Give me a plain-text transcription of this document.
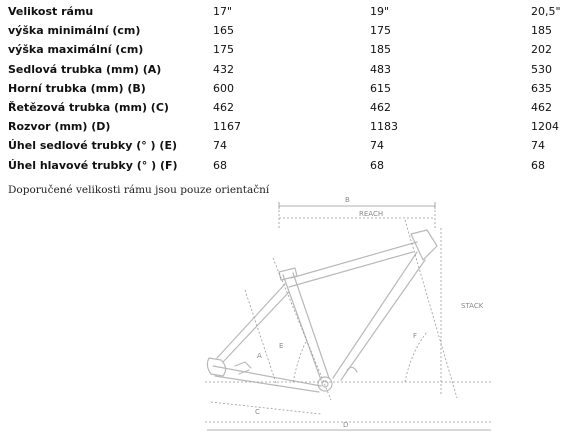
Velikost rámu	17"	19"	20,5"
výška minimální (cm)	165	175	185
výška maximální (cm)	175	185	202
Sedlová trubka (mm) (A)	432	483	530
Horní trubka (mm) (B)	600	615	635
Řetězová trubka (mm) (C)	462	462	462
Rozvor (mm) (D)	1167	1183	1204
Úhel sedlové trubky (° ) (E)	74	74	74
Úhel hlavové trubky (° ) (F)	68	68	68
Doporučené velikosti rámu jsou pouze orientační
B
REACH
STACK
A
E
F
C
D
